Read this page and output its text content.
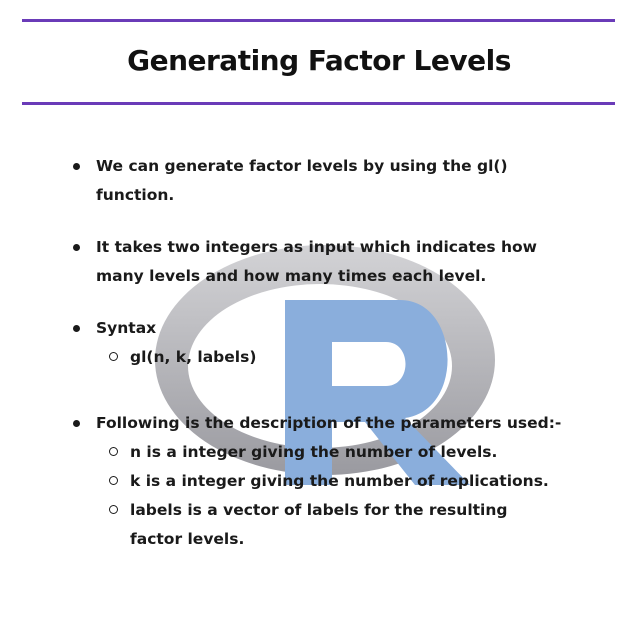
Generating Factor Levels
We can generate factor levels by using the gl() function.
It takes two integers as input which indicates how many levels and how many times each level.
Syntax
gl(n, k, labels)
Following is the description of the parameters used:-
n is a integer giving the number of levels.
k is a integer giving the number of replications.
labels is a vector of labels for the resulting factor levels.
